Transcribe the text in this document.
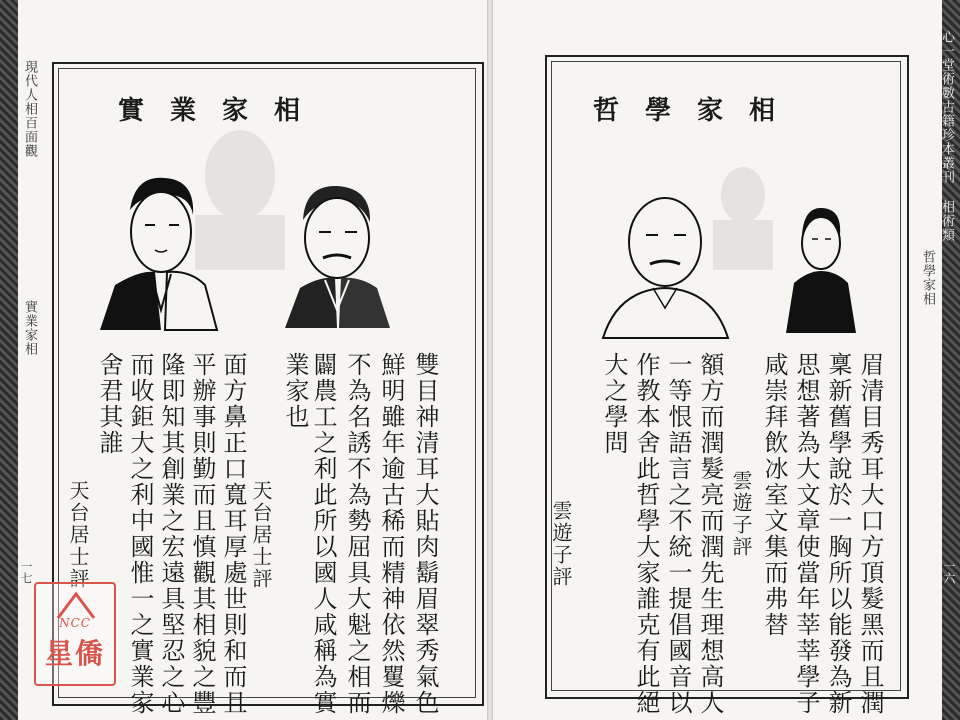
現代人相百面觀
實業家相
一七
實業家相
業家也	雙目神清耳大貼肉鬍眉翠秀氣色
鮮明雖年逾古稀而精神依然矍爍
不為名誘不為勢屈具大魁之相而
闢農工之利此所以國人咸稱為實
天台居士評
舍君其誰 而收鉅大之利中國惟一之實業家 隆即知其創業之宏遠具堅忍之心 平辦事則勤而且慎觀其相貌之豐 面方鼻正口寬耳厚處世則和而且
天台居士評
NCC
星僑
心一堂術數古籍珍本叢刊 相術類
哲學家相
一六
哲學家相
眉清目秀耳大口方頂髮黑而且潤
稟新舊學說於一胸所以能發為新
思想著為大文章使當年莘莘學子
咸崇拜飲冰室文集而弗替
雲遊子評
額方而潤髮亮而潤先生理想高人
一等恨語言之不統一提倡國音以
作教本舍此哲學大家誰克有此絕
大之學問
雲遊子評
